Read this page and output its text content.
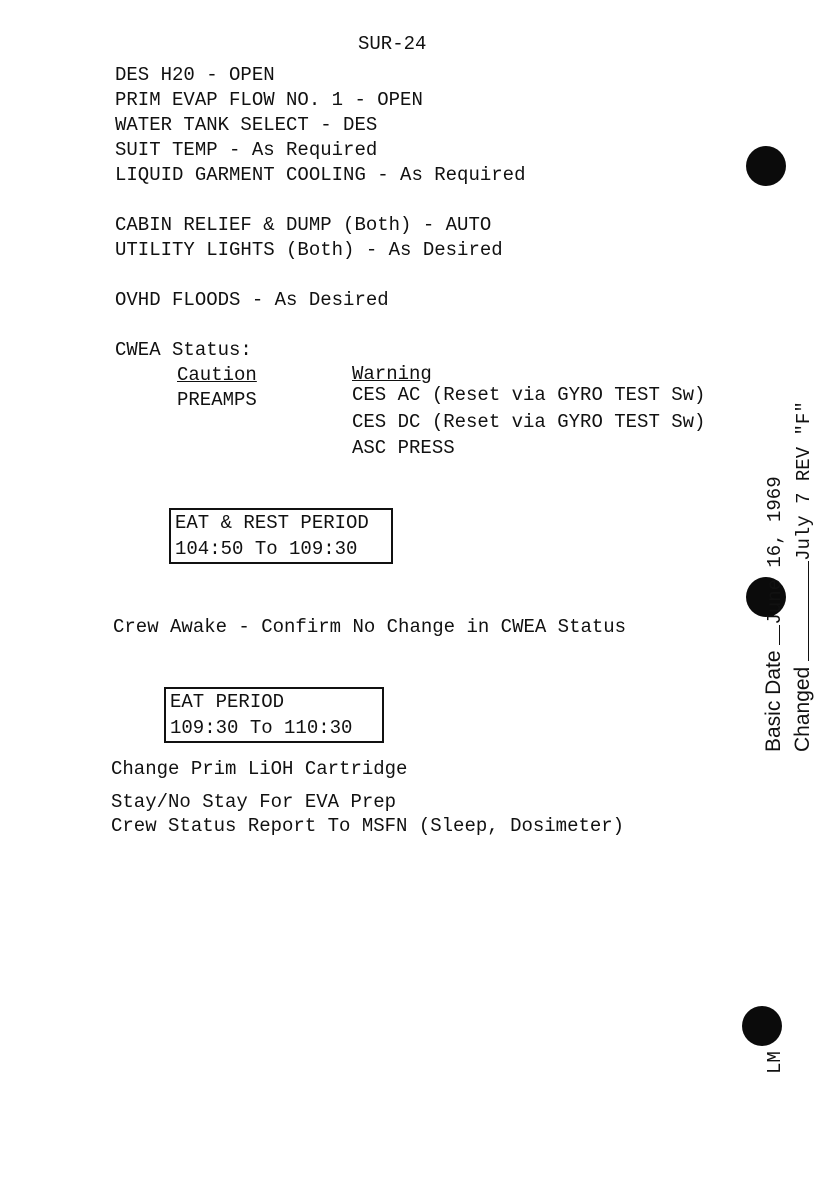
SUR-24
DES H20 - OPEN
PRIM EVAP FLOW NO. 1 - OPEN
WATER TANK SELECT - DES
SUIT TEMP - As Required
LIQUID GARMENT COOLING - As Required
CABIN RELIEF & DUMP (Both) - AUTO
UTILITY LIGHTS (Both) - As Desired
OVHD FLOODS - As Desired
CWEA Status:
Caution	Warning
PREAMPS	CES AC (Reset via GYRO TEST Sw)
CES DC (Reset via GYRO TEST Sw)
ASC PRESS
EAT & REST PERIOD
104:50 To 109:30
Crew Awake - Confirm No Change in CWEA Status
EAT PERIOD
109:30 To 110:30
Change Prim LiOH Cartridge
Stay/No Stay For EVA Prep
Crew Status Report To MSFN (Sleep, Dosimeter)
Basic Date June 16, 1969
Changed July 7 REV "F"
LM
